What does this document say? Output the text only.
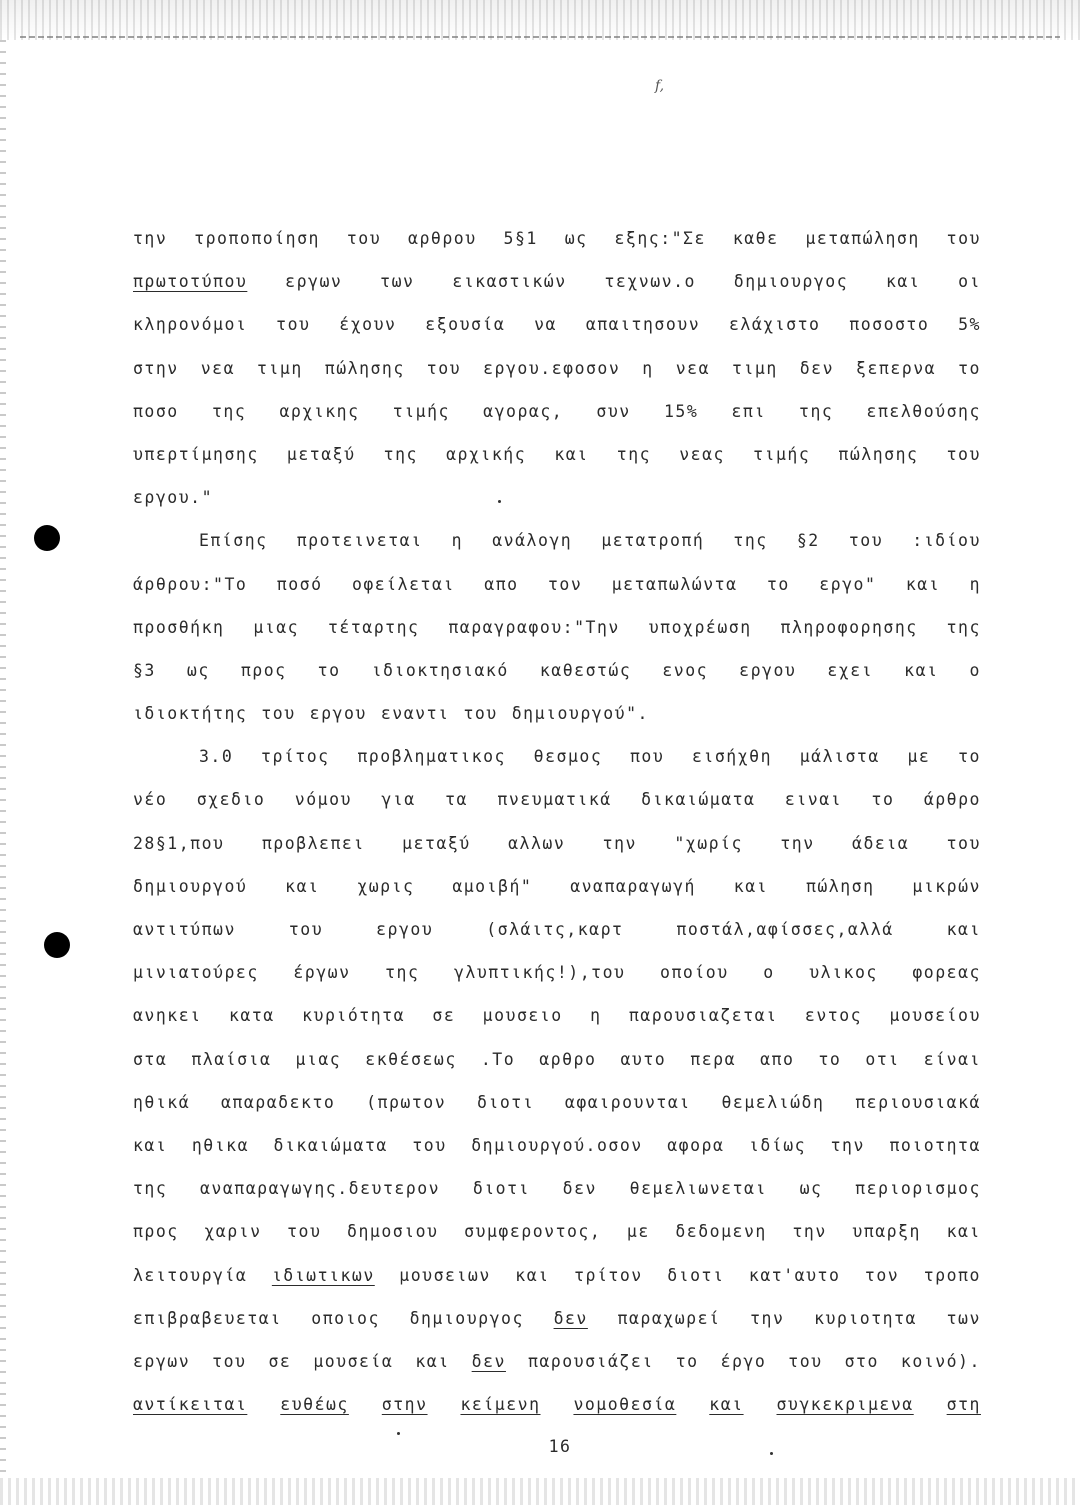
f,
την τροποποίηση του αρθρου 5§1 ως εξης:"Σε καθε μεταπώληση του
πρωτοτύπου εργων των εικαστικών τεχνων.ο δημιουργος και οι
κληρονόμοι του έχουν εξουσία να απαιτησουν ελάχιστο ποσοστο 5%
στην νεα τιμη πώλησης του εργου.εφοσον η νεα τιμη δεν ξεπερνα το
ποσο της αρχικης τιμής αγορας, συν 15% επι της επελθούσης
υπερτίμησης μεταξύ της αρχικής και της νεας τιμής πώλησης του
εργου."
Επίσης προτεινεται η ανάλογη μετατροπή της §2 του :ιδίου
άρθρου:"Το ποσό οφείλεται απο τον μεταπωλώντα το εργο" και η
προσθήκη μιας τέταρτης παραγραφου:"Την υποχρέωση πληροφορησης της
§3 ως προς το ιδιοκτησιακό καθεστώς ενος εργου εχει και ο
ιδιοκτήτης του εργου εναντι του δημιουργού".
3.0 τρίτος προβληματικος θεσμος που εισήχθη μάλιστα με το
νέο σχεδιο νόμου για τα πνευματικά δικαιώματα ειναι το άρθρο
28§1,που προβλεπει μεταξύ αλλων την "χωρίς την άδεια του
δημιουργού και χωρις αμοιβή" αναπαραγωγή και πώληση μικρών
αντιτύπων	του	εργου	(σλάιτς,καρτ	ποστάλ,αφίσσες,αλλά	και
μινιατούρες έργων της γλυπτικής!),του οποίου ο υλικος φορεας
ανηκει κατα κυριότητα σε μουσειο η παρουσιαζεται εντος μουσείου
στα πλαίσια μιας εκθέσεως .Το αρθρο αυτο περα απο το οτι είναι
ηθικά απαραδεκτο (πρωτον διοτι αφαιρουνται θεμελιώδη περιουσιακά
και ηθικα δικαιώματα του δημιουργού.οσον αφορα ιδίως την ποιοτητα
της αναπαραγωγης.δευτερον διοτι δεν θεμελιωνεται ως περιορισμος
προς χαριν του δημοσιου συμφεροντος, με δεδομενη την υπαρξη και
λειτουργία ιδιωτικων μουσειων και τρίτον διοτι κατ'αυτο τον τροπο
επιβραβευεται οποιος δημιουργος δεν παραχωρεί την κυριοτητα των
εργων του σε μουσεία και δεν παρουσιάζει το έργο του στο κοινό).
αντίκειται ευθέως στην κείμενη νομοθεσία και συγκεκριμενα στη
16
